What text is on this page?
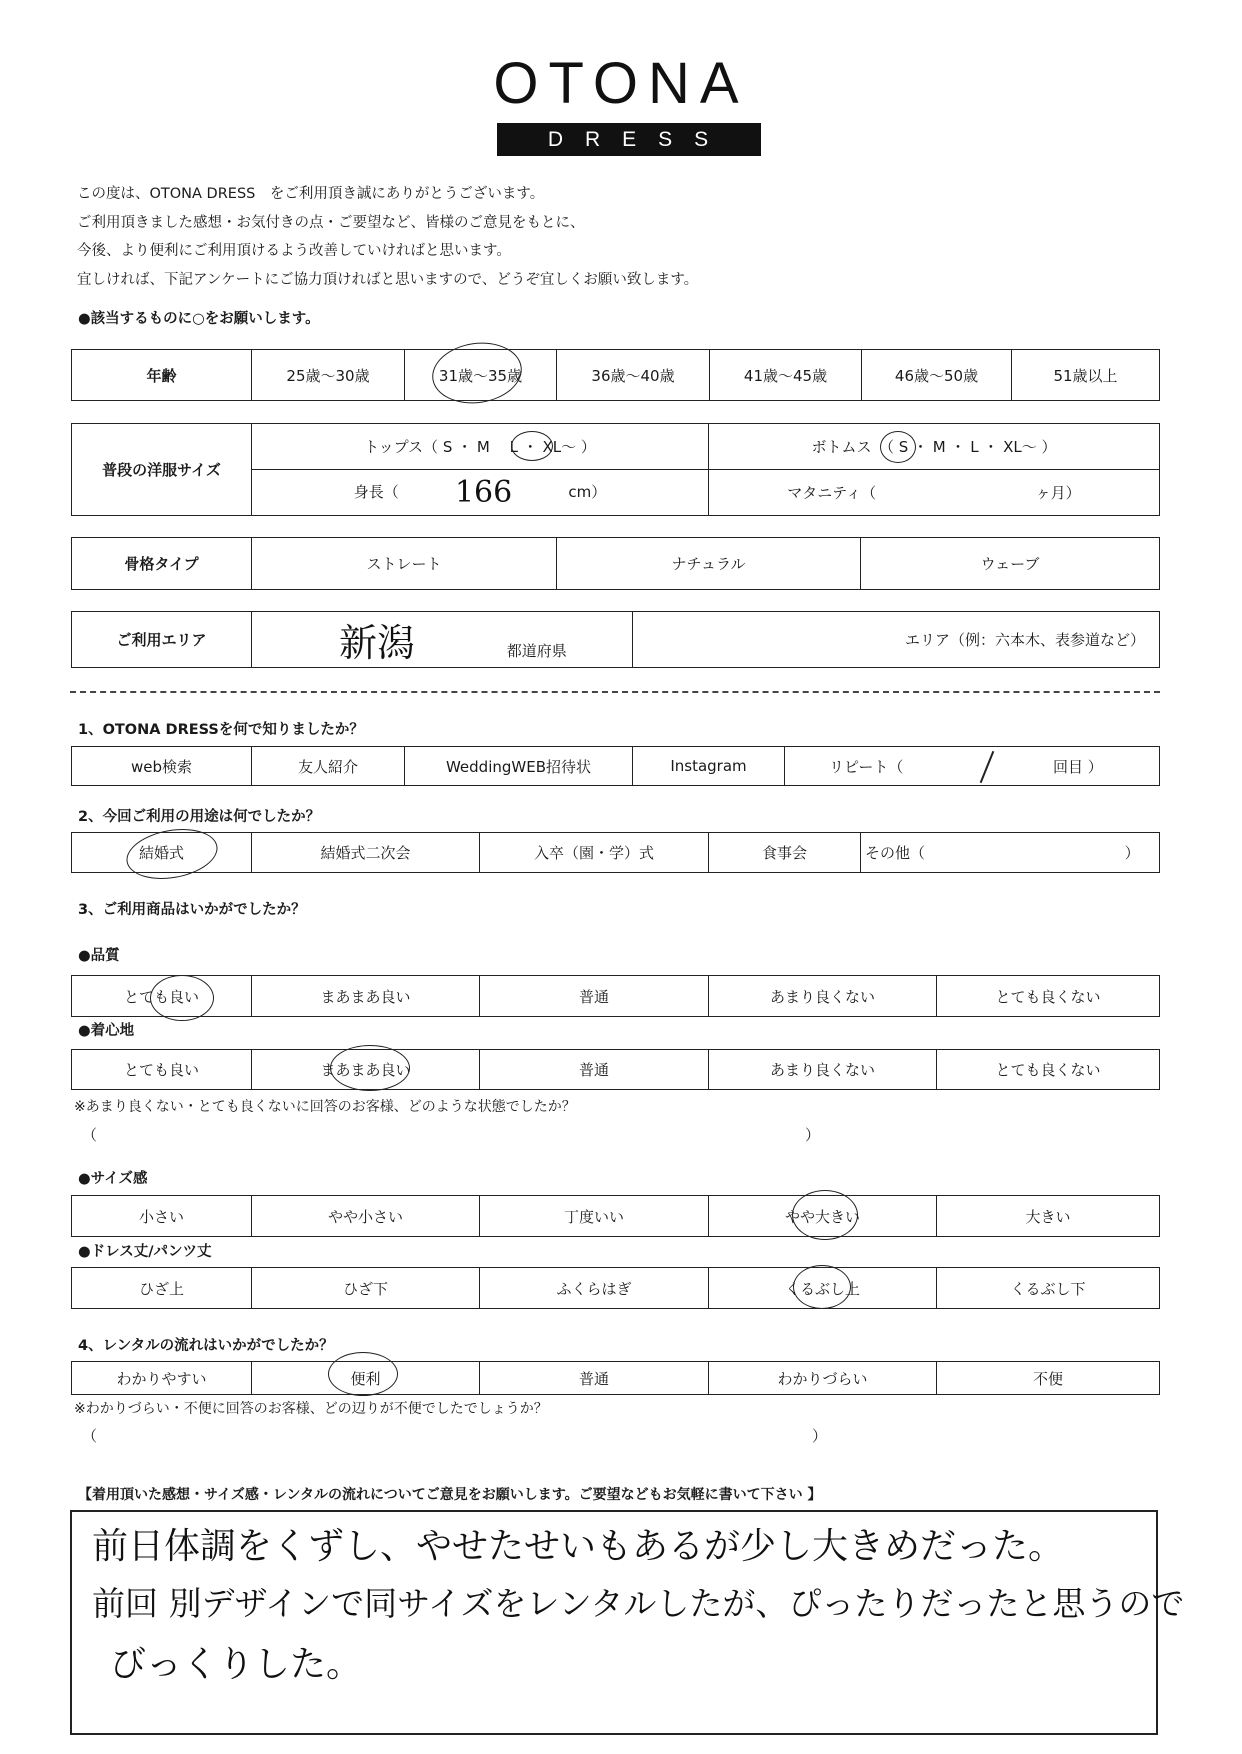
OTONA
DRESS
この度は、OTONA DRESS　をご利用頂き誠にありがとうございます。
ご利用頂きました感想・お気付きの点・ご要望など、皆様のご意見をもとに、
今後、より便利にご利用頂けるよう改善していければと思います。
宜しければ、下記アンケートにご協力頂ければと思いますので、どうぞ宜しくお願い致します。
●該当するものに○をお願いします。
年齢	25歳～30歳	31歳～35歳	36歳～40歳	41歳～45歳	46歳～50歳	51歳以上
普段の洋服サイズ	トップス（ S ・ M 　L ・ XL～ ）	ボトムス　（ S ・ M ・ L ・ XL～ ）
	身長（ 166 cm）	マタニティ（ ヶ月）
骨格タイプ	ストレート	ナチュラル	ウェーブ
ご利用エリア	新潟	都道府県	エリア（例：六本木、表参道など）
1、OTONA DRESSを何で知りましたか？
web検索	友人紹介	WeddingWEB招待状	Instagram	リピート（	回目 ）
2、今回ご利用の用途は何でしたか？
結婚式	結婚式二次会	入卒（園・学）式	食事会	その他（	）
3、ご利用商品はいかがでしたか？
●品質
とても良い	まあまあ良い	普通	あまり良くない	とても良くない
●着心地
とても良い	まあまあ良い	普通	あまり良くない	とても良くない
※あまり良くない・とても良くないに回答のお客様、どのような状態でしたか？
（	）
●サイズ感
小さい	やや小さい	丁度いい	やや大きい	大きい
●ドレス丈/パンツ丈
ひざ上	ひざ下	ふくらはぎ	くるぶし上	くるぶし下
4、レンタルの流れはいかがでしたか？
わかりやすい	便利	普通	わかりづらい	不便
※わかりづらい・不便に回答のお客様、どの辺りが不便でしたでしょうか？
（	）
【着用頂いた感想・サイズ感・レンタルの流れについてご意見をお願いします。ご要望などもお気軽に書いて下さい 】
前日体調をくずし、やせたせいもあるが少し大きめだった。
前回 別デザインで同サイズをレンタルしたが、ぴったりだったと思うので
びっくりした。
